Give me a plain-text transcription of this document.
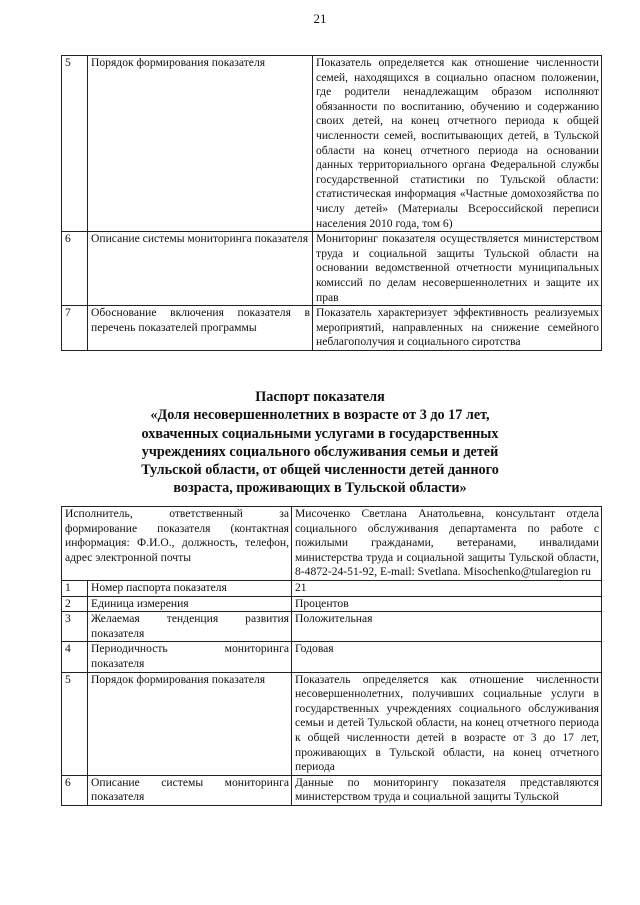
21
5	Порядок формирования показателя	Показатель определяется как отношение численности семей, находящихся в социально опасном положении, где родители ненадлежащим образом исполняют обязанности по воспитанию, обучению и содержанию своих детей, на конец отчетного периода к общей численности семей, воспитывающих детей, в Тульской области на конец отчетного периода на основании данных территориального органа Федеральной службы государственной статистики по Тульской области: статистическая информация «Частные домохозяйства по числу детей» (Материалы Всероссийской переписи населения 2010 года, том 6)
6	Описание системы мониторинга показателя	Мониторинг показателя осуществляется министерством труда и социальной защиты Тульской области на основании ведомственной отчетности муниципальных комиссий по делам несовершеннолетних и защите их прав
7	Обоснование включения показателя в перечень показателей программы	Показатель характеризует эффективность реализуемых мероприятий, направленных на снижение семейного неблагополучия и социального сиротства
Паспорт показателя
«Доля несовершеннолетних в возрасте от 3 до 17 лет,
охваченных социальными услугами в государственных
учреждениях социального обслуживания семьи и детей
Тульской области, от общей численности детей данного
возраста, проживающих в Тульской области»
Исполнитель, ответственный за формирование показателя (контактная информация: Ф.И.О., должность, телефон, адрес электронной почты		Мисоченко Светлана Анатольевна, консультант отдела социального обслуживания департамента по работе с пожилыми гражданами, ветеранами, инвалидами министерства труда и социальной защиты Тульской области, 8-4872-24-51-92, E-mail: Svetlana. Misochenko@tularegion ru
1	Номер паспорта показателя	21
2	Единица измерения	Процентов
3	Желаемая тенденция развития показателя	Положительная
4	Периодичность мониторинга показателя	Годовая
5	Порядок формирования показателя	Показатель определяется как отношение численности несовершеннолетних, получивших социальные услуги в государственных учреждениях социального обслуживания семьи и детей Тульской области, на конец отчетного периода к общей численности детей в возрасте от 3 до 17 лет, проживающих в Тульской области, на конец отчетного периода
6	Описание системы мониторинга показателя	Данные по мониторингу показателя представляются министерством труда и социальной защиты Тульской
